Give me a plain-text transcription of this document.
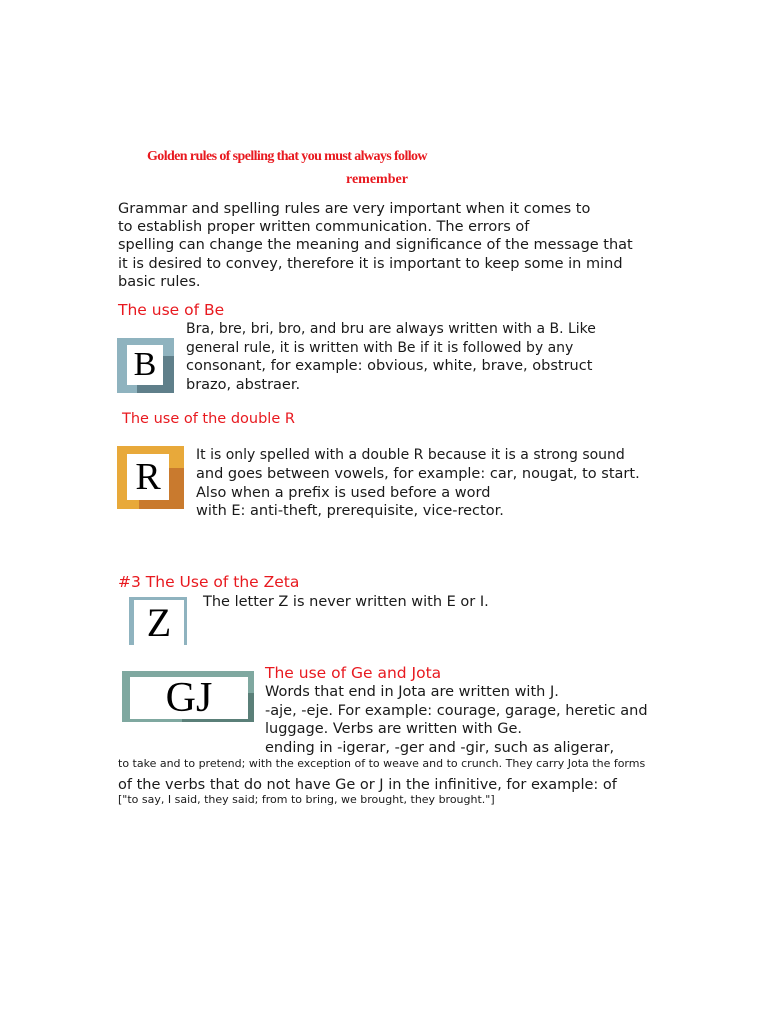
Golden rules of spelling that you must always follow
remember
Grammar and spelling rules are very important when it comes to
to establish proper written communication. The errors of
spelling can change the meaning and significance of the message that
it is desired to convey, therefore it is important to keep some in mind
basic rules.
The use of Be
B
Bra, bre, bri, bro, and bru are always written with a B. Like
general rule, it is written with Be if it is followed by any
consonant, for example: obvious, white, brave, obstruct
brazo, abstraer.
The use of the double R
R
It is only spelled with a double R because it is a strong sound
and goes between vowels, for example: car, nougat, to start.
Also when a prefix is used before a word
with E: anti-theft, prerequisite, vice-rector.
#3 The Use of the Zeta
Z	The letter Z is never written with E or I.
GJ
The use of Ge and Jota
Words that end in Jota are written with J.
-aje, -eje. For example: courage, garage, heretic and
luggage. Verbs are written with Ge.
ending in -igerar, -ger and -gir, such as aligerar,
to take and to pretend; with the exception of to weave and to crunch. They carry Jota the forms
of the verbs that do not have Ge or J in the infinitive, for example: of
["to say, I said, they said; from to bring, we brought, they brought."]
